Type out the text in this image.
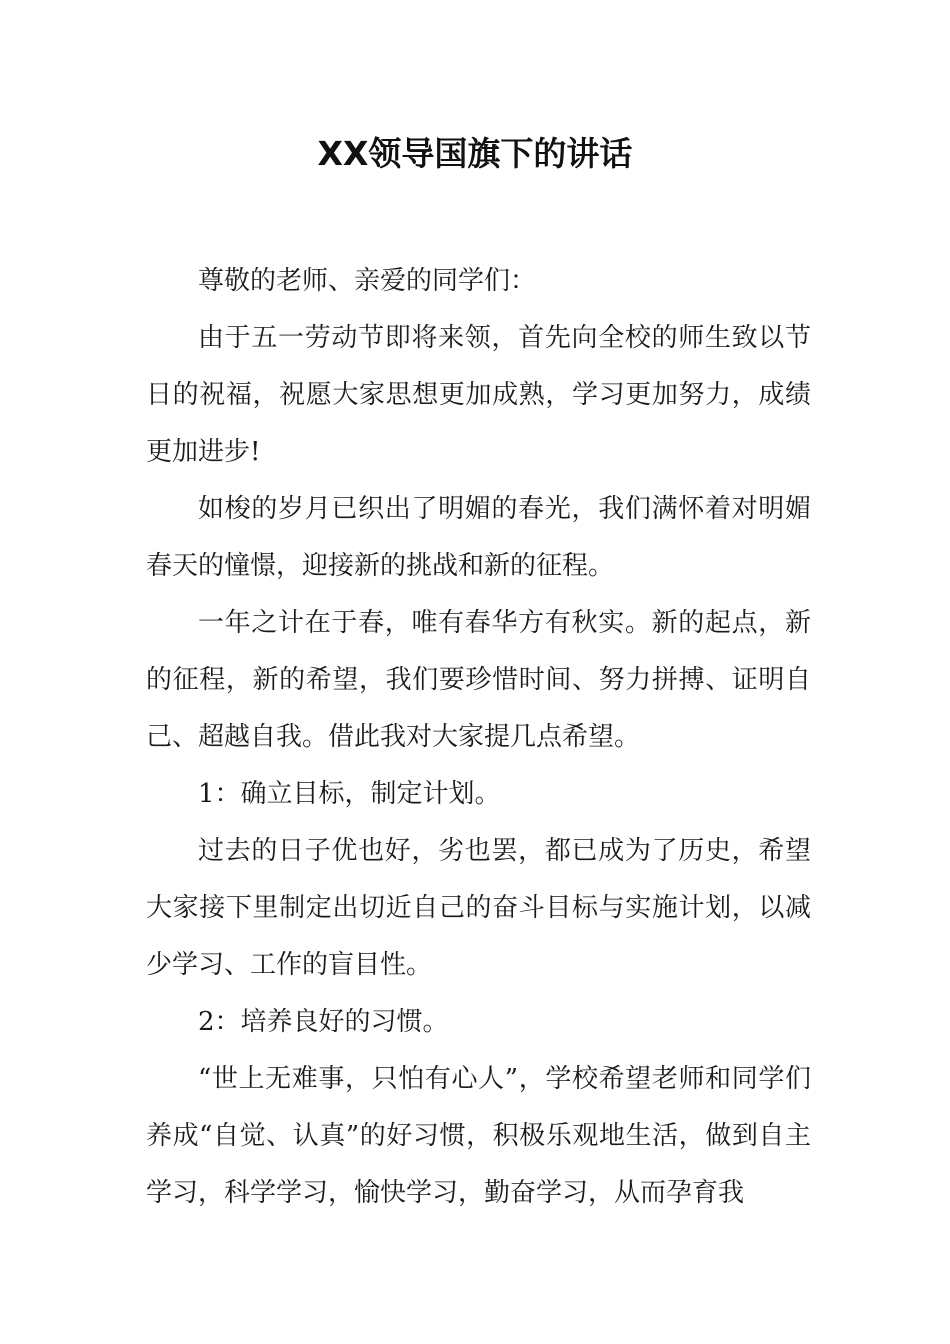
XX领导国旗下的讲话

尊敬的老师、亲爱的同学们：

由于五一劳动节即将来领，首先向全校的师生致以节日的祝福，祝愿大家思想更加成熟，学习更加努力，成绩更加进步!

如梭的岁月已织出了明媚的春光，我们满怀着对明媚春天的憧憬，迎接新的挑战和新的征程。

一年之计在于春，唯有春华方有秋实。新的起点，新的征程，新的希望，我们要珍惜时间、努力拼搏、证明自己、超越自我。借此我对大家提几点希望。

1：确立目标，制定计划。

过去的日子优也好，劣也罢，都已成为了历史，希望大家接下里制定出切近自己的奋斗目标与实施计划，以减少学习、工作的盲目性。

2：培养良好的习惯。

“世上无难事，只怕有心人”，学校希望老师和同学们养成“自觉、认真”的好习惯，积极乐观地生活，做到自主学习，科学学习，愉快学习，勤奋学习，从而孕育我
